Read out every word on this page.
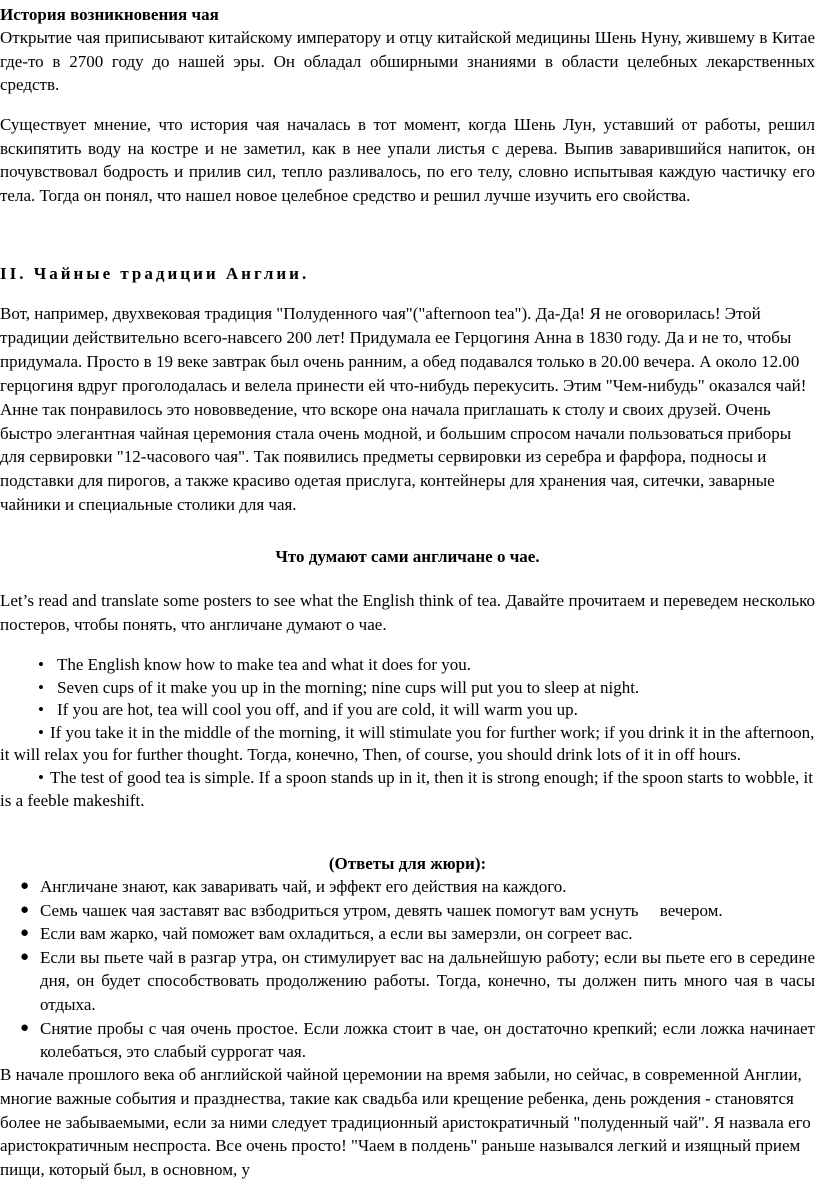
История возникновения чая

Открытие чая приписывают китайскому императору и отцу китайской медицины Шень Нуну, жившему в Китае где-то в 2700 году до нашей эры. Он обладал обширными знаниями в области целебных лекарственных средств.

Существует мнение, что история чая началась в тот момент, когда Шень Лун, уставший от работы, решил вскипятить воду на костре и не заметил, как в нее упали листья с дерева. Выпив заварившийся напиток, он почувствовал бодрость и прилив сил, тепло разливалось, по его телу, словно испытывая каждую частичку его тела. Тогда он понял, что нашел новое целебное средство и решил лучше изучить его свойства.

II. Чайные традиции Англии.

Вот, например, двухвековая традиция "Полуденного чая"("afternoon tea"). Да-Да! Я не оговорилась! Этой традиции действительно всего-навсего 200 лет! Придумала ее Герцогиня Анна в 1830 году. Да и не то, чтобы придумала. Просто в 19 веке завтрак был очень ранним, а обед подавался только в 20.00 вечера. А около 12.00 герцогиня вдруг проголодалась и велела принести ей что-нибудь перекусить. Этим "Чем-нибудь" оказался чай! Анне так понравилось это нововведение, что вскоре она начала приглашать к столу и своих друзей. Очень быстро элегантная чайная церемония стала очень модной, и большим спросом начали пользоваться приборы для сервировки "12-часового чая". Так появились предметы сервировки из серебра и фарфора, подносы и подставки для пирогов, а также красиво одетая прислуга, контейнеры для хранения чая, ситечки, заварные чайники и специальные столики для чая.

Что думают сами англичане о чае.

Let’s read and translate some posters to see what the English think of tea. Давайте прочитаем и переведем несколько постеров, чтобы понять, что англичане думают о чае.

• The English know how to make tea and what it does for you.
• Seven cups of it make you up in the morning; nine cups will put you to sleep at night.
• If you are hot, tea will cool you off, and if you are cold, it will warm you up.
• If you take it in the middle of the morning, it will stimulate you for further work; if you drink it in the afternoon, it will relax you for further thought. Тогда, конечно, Then, of course, you should drink lots of it in off hours.
• The test of good tea is simple. If a spoon stands up in it, then it is strong enough; if the spoon starts to wobble, it is a feeble makeshift.

(Ответы для жюри):

● Англичане знают, как заваривать чай, и эффект его действия на каждого.
● Семь чашек чая заставят вас взбодриться утром, девять чашек помогут вам уснуть     вечером.
● Если вам жарко, чай поможет вам охладиться, а если вы замерзли, он согреет вас.
● Если вы пьете чай в разгар утра, он стимулирует вас на дальнейшую работу; если вы пьете его в середине дня, он будет способствовать продолжению работы. Тогда, конечно, ты должен пить много чая в часы отдыха.
● Снятие пробы с чая очень простое. Если ложка стоит в чае, он достаточно крепкий; если ложка начинает колебаться, это слабый суррогат чая.

В начале прошлого века об английской чайной церемонии на время забыли, но сейчас, в современной Англии, многие важные события и празднества, такие как свадьба или крещение ребенка, день рождения - становятся более не забываемыми, если за ними следует традиционный аристократичный "полуденный чай". Я назвала его аристократичным неспроста. Все очень просто! "Чаем в полдень" раньше назывался легкий и изящный прием пищи, который был, в основном, у
